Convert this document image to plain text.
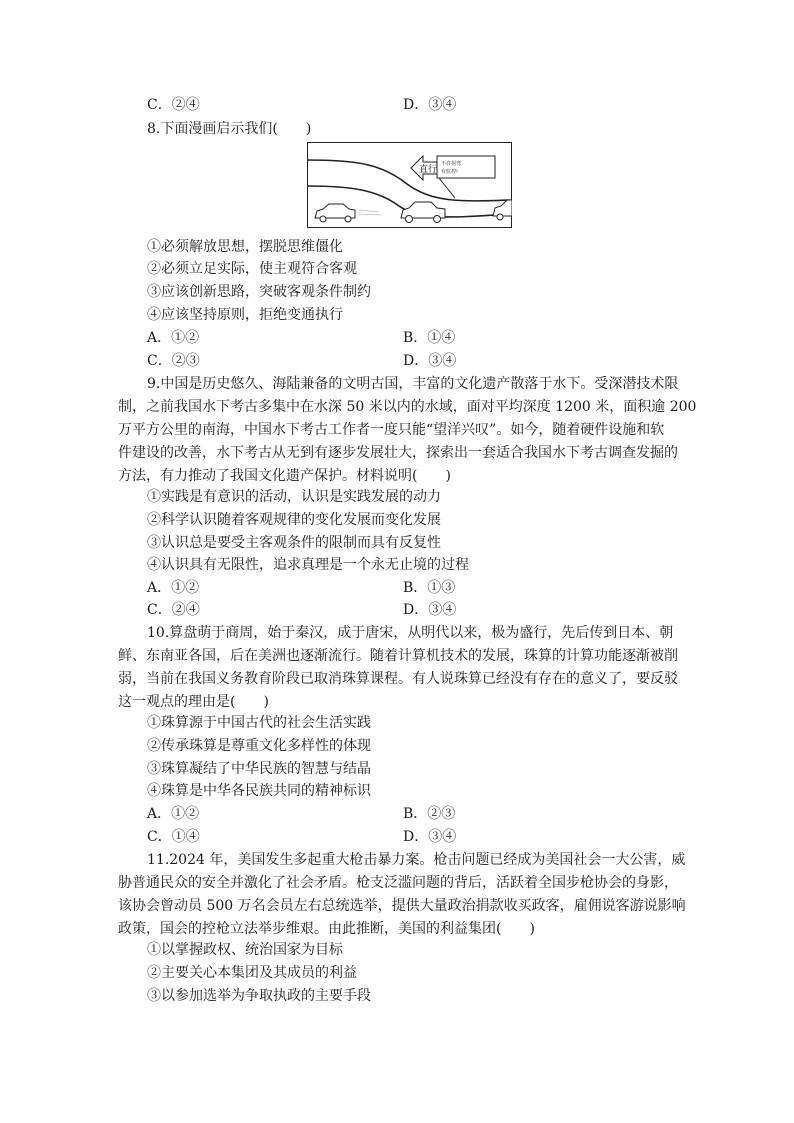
C．②④	D．③④
8.下面漫画启示我们(　　)
直行
不许拐弯
有监控!
①必须解放思想，摆脱思维僵化
②必须立足实际，使主观符合客观
③应该创新思路，突破客观条件制约
④应该坚持原则，拒绝变通执行
A．①②	B．①④
C．②③	D．③④
9.中国是历史悠久、海陆兼备的文明古国，丰富的文化遗产散落于水下。受深潜技术限
制，之前我国水下考古多集中在水深 50 米以内的水域，面对平均深度 1200 米，面积逾 200
万平方公里的南海，中国水下考古工作者一度只能“望洋兴叹”。如今，随着硬件设施和软
件建设的改善，水下考古从无到有逐步发展壮大，探索出一套适合我国水下考古调查发掘的
方法，有力推动了我国文化遗产保护。材料说明(　　)
①实践是有意识的活动，认识是实践发展的动力
②科学认识随着客观规律的变化发展而变化发展
③认识总是要受主客观条件的限制而具有反复性
④认识具有无限性，追求真理是一个永无止境的过程
A．①②	B．①③
C．②④	D．③④
10.算盘萌于商周，始于秦汉，成于唐宋，从明代以来，极为盛行，先后传到日本、朝
鲜、东南亚各国，后在美洲也逐渐流行。随着计算机技术的发展，珠算的计算功能逐渐被削
弱，当前在我国义务教育阶段已取消珠算课程。有人说珠算已经没有存在的意义了，要反驳
这一观点的理由是(　　)
①珠算源于中国古代的社会生活实践
②传承珠算是尊重文化多样性的体现
③珠算凝结了中华民族的智慧与结晶
④珠算是中华各民族共同的精神标识
A．①②	B．②③
C．①④	D．③④
11.2024 年，美国发生多起重大枪击暴力案。枪击问题已经成为美国社会一大公害，威
胁普通民众的安全并激化了社会矛盾。枪支泛滥问题的背后，活跃着全国步枪协会的身影，
该协会曾动员 500 万名会员左右总统选举，提供大量政治捐款收买政客，雇佣说客游说影响
政策，国会的控枪立法举步维艰。由此推断，美国的利益集团(　　)
①以掌握政权、统治国家为目标
②主要关心本集团及其成员的利益
③以参加选举为争取执政的主要手段
